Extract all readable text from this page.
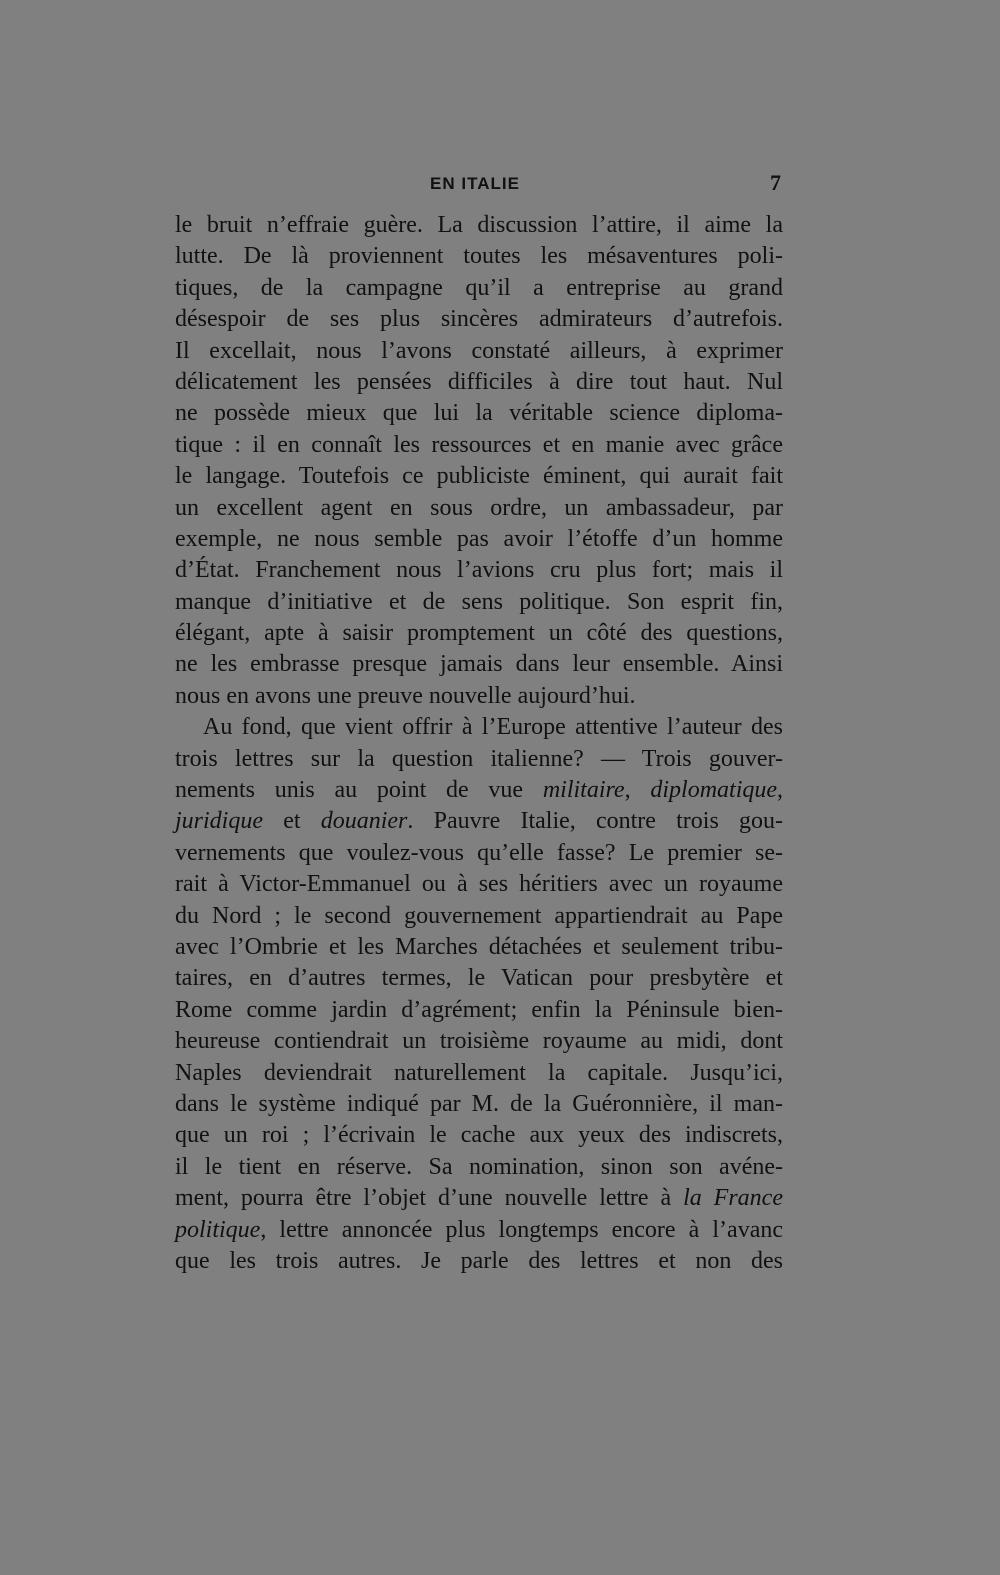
EN ITALIE	7
le bruit n’effraie guère. La discussion l’attire, il aime la
lutte. De là proviennent toutes les mésaventures poli-
tiques, de la campagne qu’il a entreprise au grand
désespoir de ses plus sincères admirateurs d’autrefois.
Il excellait, nous l’avons constaté ailleurs, à exprimer
délicatement les pensées difficiles à dire tout haut. Nul
ne possède mieux que lui la véritable science diploma-
tique : il en connaît les ressources et en manie avec grâce
le langage. Toutefois ce publiciste éminent, qui aurait fait
un excellent agent en sous ordre, un ambassadeur, par
exemple, ne nous semble pas avoir l’étoffe d’un homme
d’État. Franchement nous l’avions cru plus fort; mais il
manque d’initiative et de sens politique. Son esprit fin,
élégant, apte à saisir promptement un côté des questions,
ne les embrasse presque jamais dans leur ensemble. Ainsi
nous en avons une preuve nouvelle aujourd’hui.
Au fond, que vient offrir à l’Europe attentive l’auteur des
trois lettres sur la question italienne? — Trois gouver-
nements unis au point de vue militaire, diplomatique,
juridique et douanier. Pauvre Italie, contre trois gou-
vernements que voulez-vous qu’elle fasse? Le premier se-
rait à Victor-Emmanuel ou à ses héritiers avec un royaume
du Nord ; le second gouvernement appartiendrait au Pape
avec l’Ombrie et les Marches détachées et seulement tribu-
taires, en d’autres termes, le Vatican pour presbytère et
Rome comme jardin d’agrément; enfin la Péninsule bien-
heureuse contiendrait un troisième royaume au midi, dont
Naples deviendrait naturellement la capitale. Jusqu’ici,
dans le système indiqué par M. de la Guéronnière, il man-
que un roi ; l’écrivain le cache aux yeux des indiscrets,
il le tient en réserve. Sa nomination, sinon son avéne-
ment, pourra être l’objet d’une nouvelle lettre à la France
politique, lettre annoncée plus longtemps encore à l’avanc
que les trois autres. Je parle des lettres et non des
